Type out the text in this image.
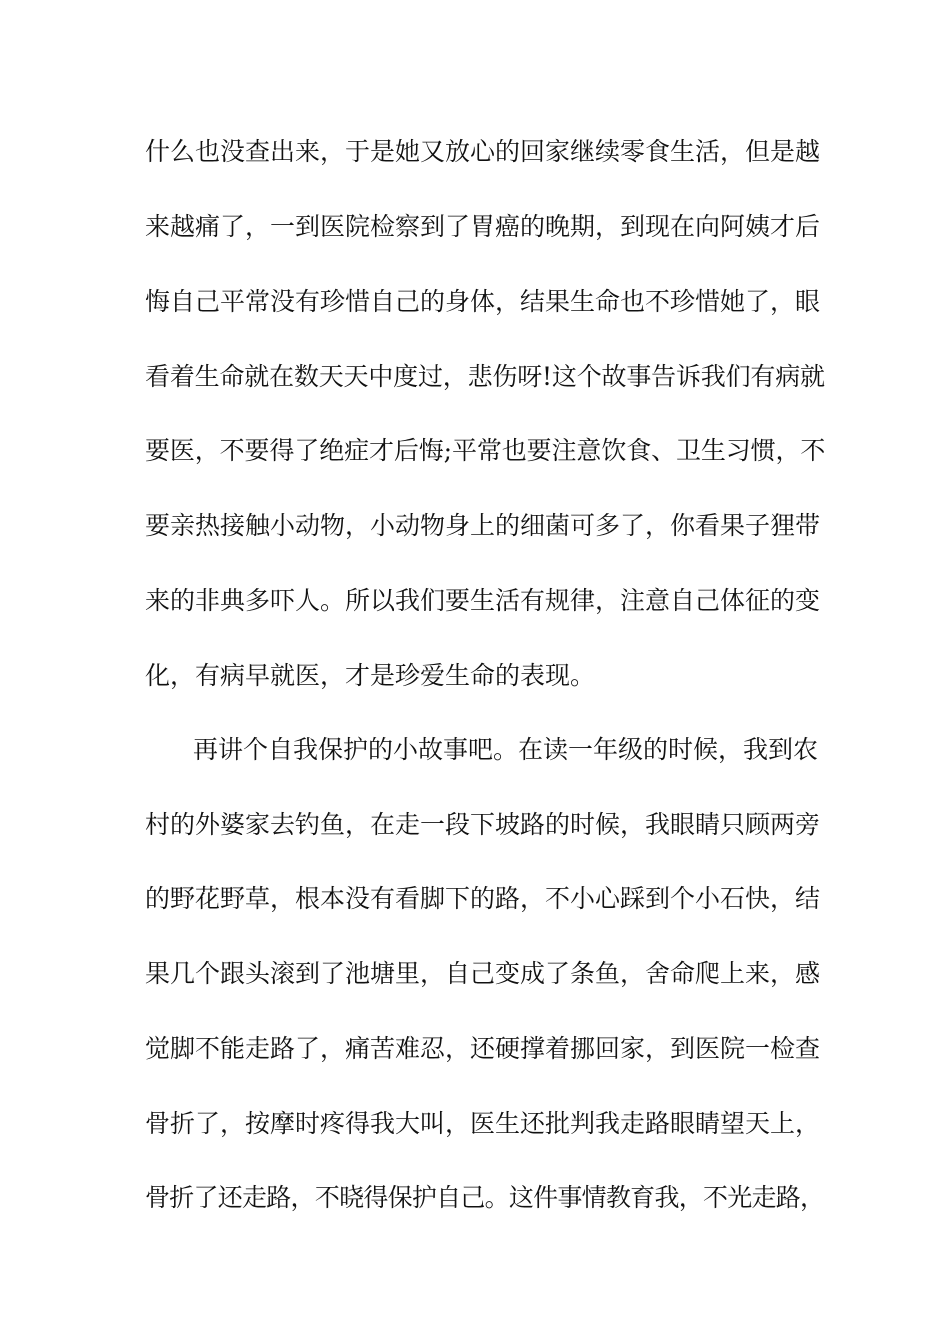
什么也没查出来，于是她又放心的回家继续零食生活，但是越
来越痛了，一到医院检察到了胃癌的晚期，到现在向阿姨才后
悔自己平常没有珍惜自己的身体，结果生命也不珍惜她了，眼
看着生命就在数天天中度过，悲伤呀!这个故事告诉我们有病就
要医，不要得了绝症才后悔;平常也要注意饮食、卫生习惯，不
要亲热接触小动物，小动物身上的细菌可多了，你看果子狸带
来的非典多吓人。所以我们要生活有规律，注意自己体征的变
化，有病早就医，才是珍爱生命的表现。
再讲个自我保护的小故事吧。在读一年级的时候，我到农
村的外婆家去钓鱼，在走一段下坡路的时候，我眼睛只顾两旁
的野花野草，根本没有看脚下的路，不小心踩到个小石快，结
果几个跟头滚到了池塘里，自己变成了条鱼，舍命爬上来，感
觉脚不能走路了，痛苦难忍，还硬撑着挪回家，到医院一检查
骨折了，按摩时疼得我大叫，医生还批判我走路眼睛望天上，
骨折了还走路，不晓得保护自己。这件事情教育我，不光走路，
